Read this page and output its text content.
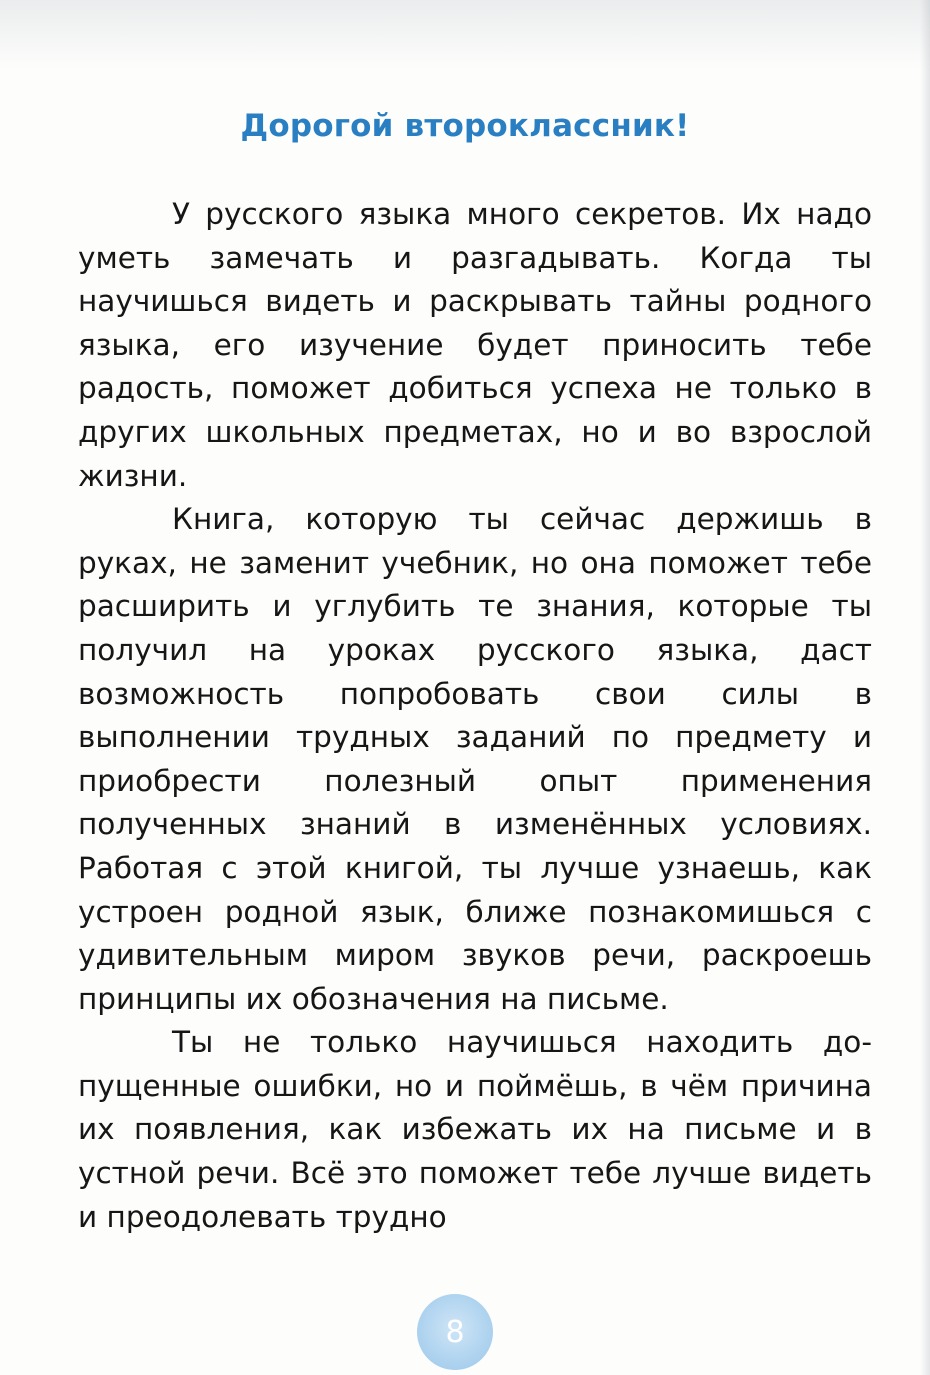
Дорогой второклассник!

У русского языка много секретов. Их надо уметь замечать и разгадывать. Когда ты научишься видеть и раскрывать тайны родного языка, его изучение будет приносить тебе радость, поможет добиться успеха не только в других школьных предметах, но и во взрослой жизни.

Книга, которую ты сейчас держишь в руках, не заменит учебник, но она поможет тебе расширить и углубить те знания, которые ты получил на уроках русского языка, даст возможность попробовать свои силы в выполнении трудных заданий по предмету и приобрести полезный опыт применения полученных знаний в изменённых условиях. Работая с этой книгой, ты лучше узнаешь, как устроен родной язык, ближе познакомишься с удивительным миром звуков речи, раскроешь принципы их обозначения на письме.

Ты не только научишься находить допущенные ошибки, но и поймёшь, в чём причина их появления, как избежать их на письме и в устной речи. Всё это поможет тебе лучше видеть и преодолевать трудно

8
